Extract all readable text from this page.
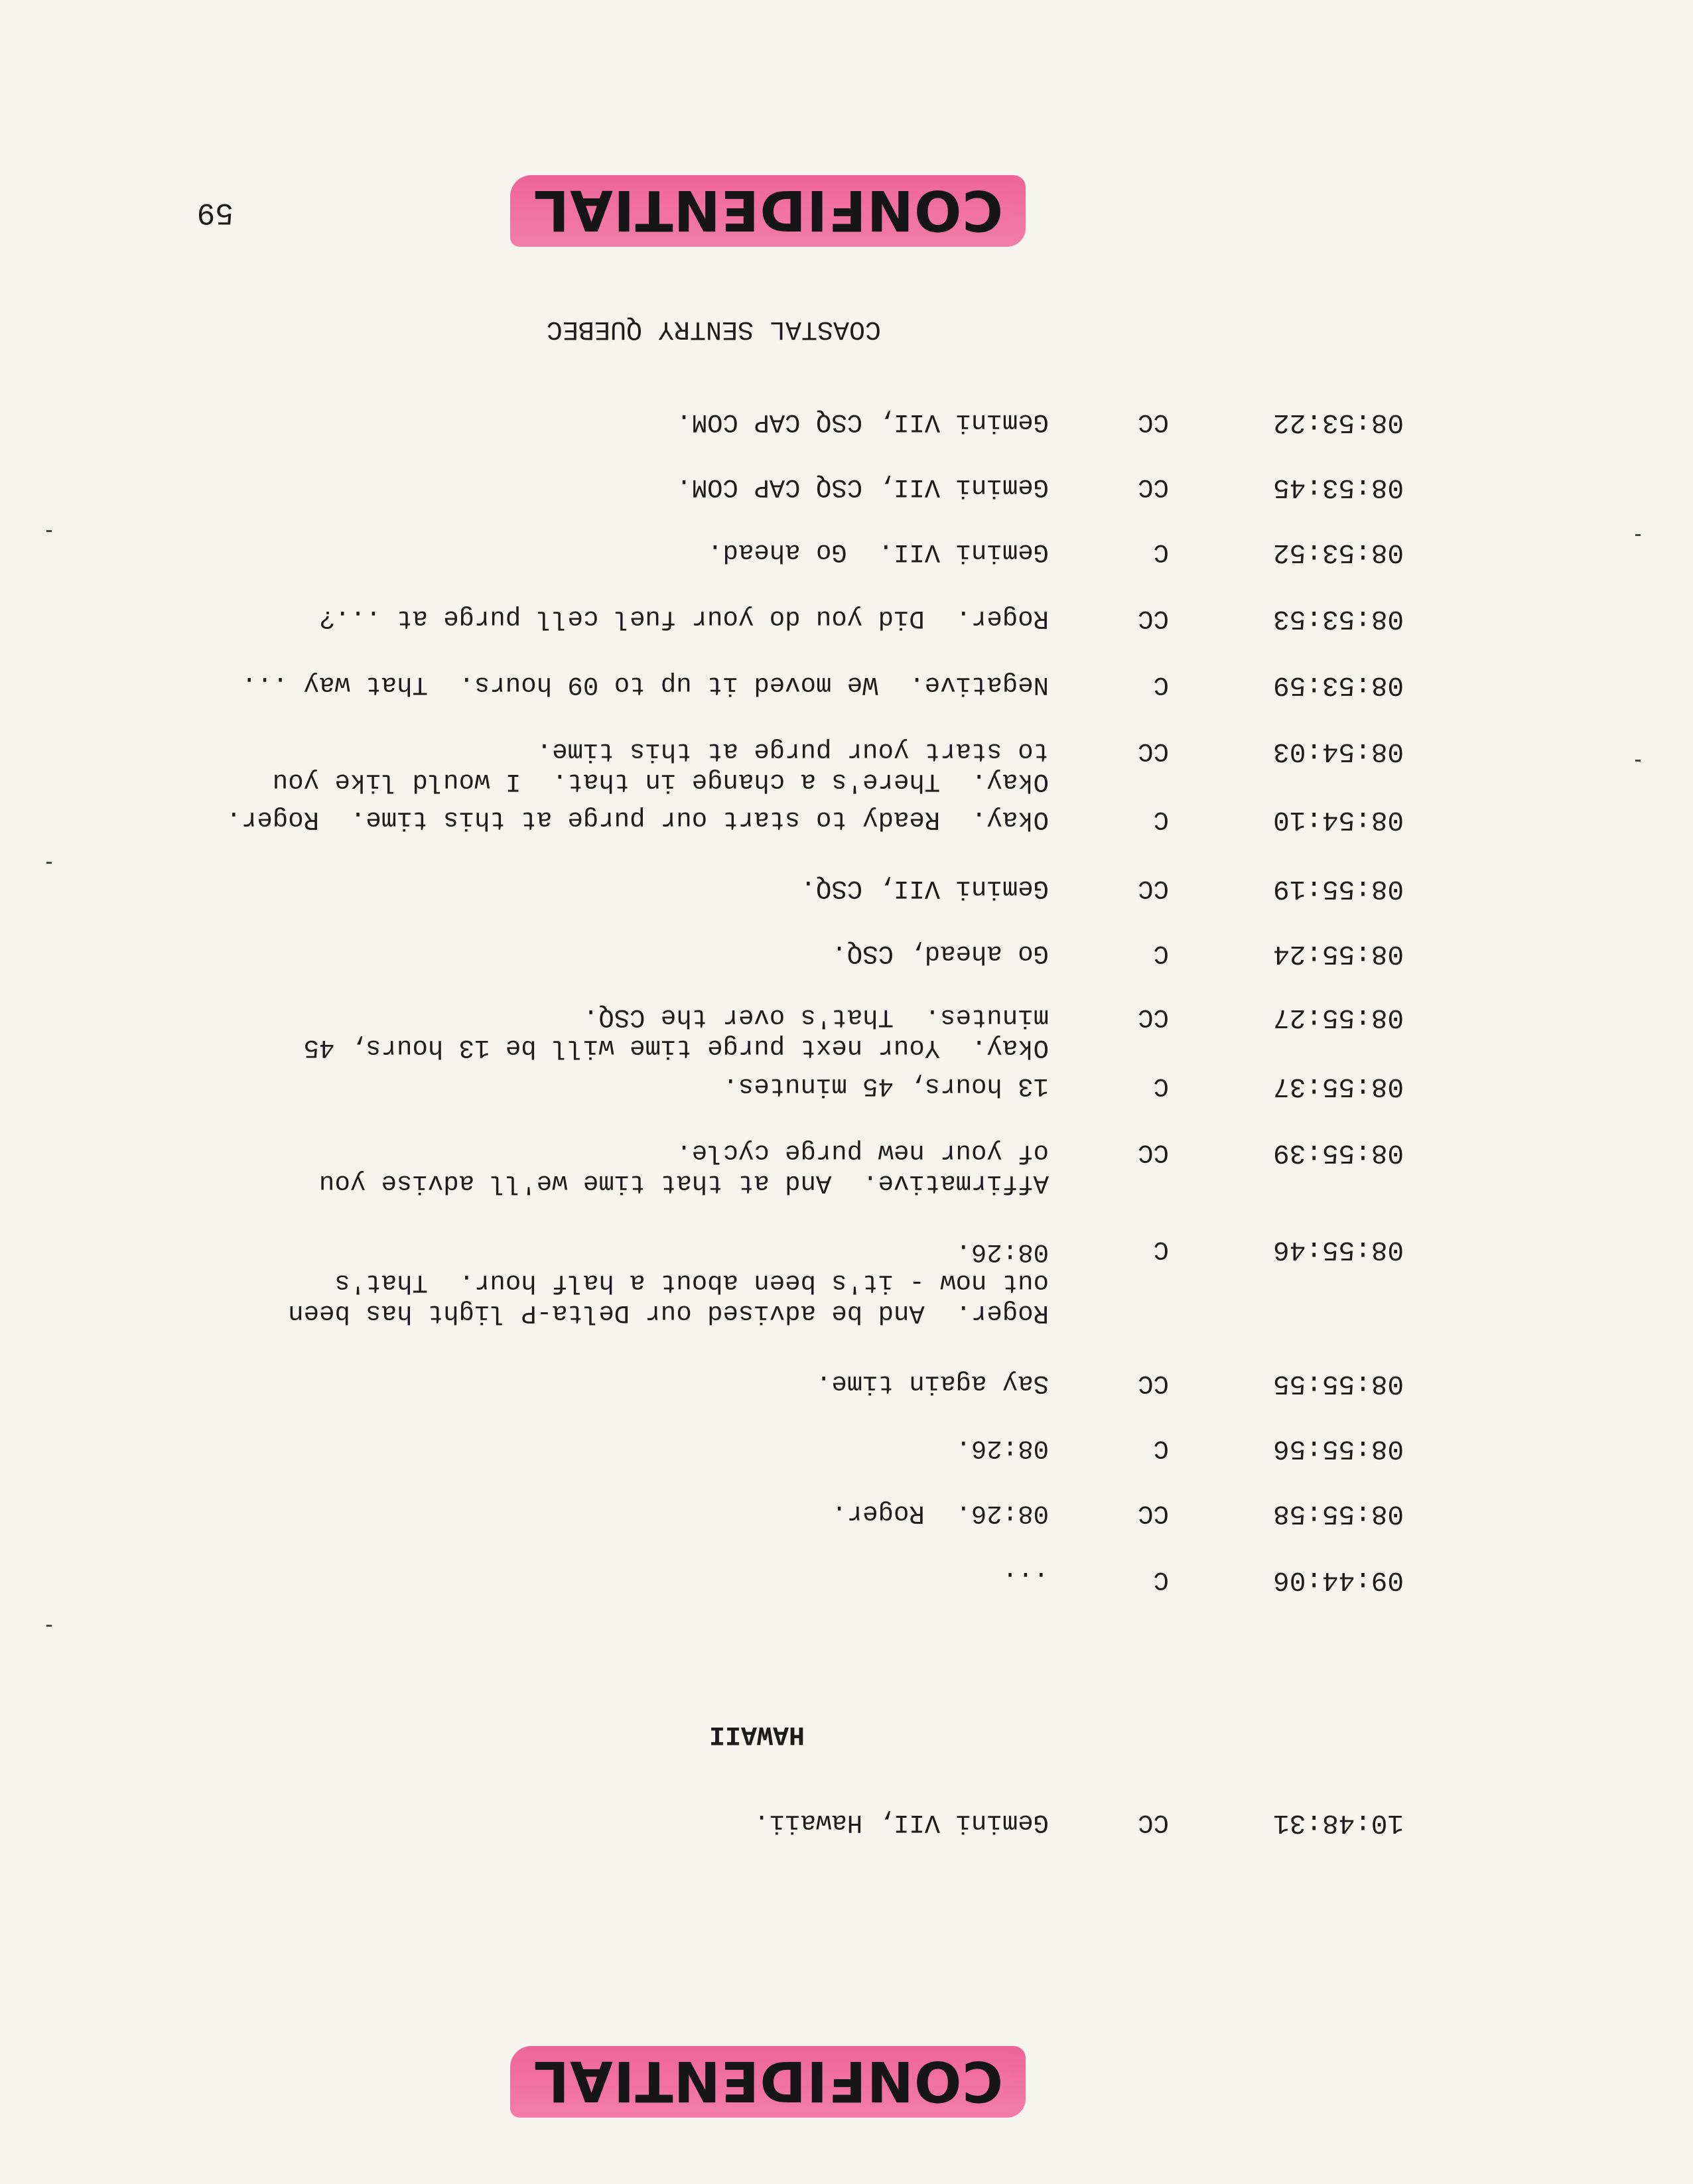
CONFIDENTIAL
59
COASTAL SENTRY QUEBEC
08:53:22
CC
Gemini VII, CSQ CAP COM.
08:53:45
CC
Gemini VII, CSQ CAP COM.
08:53:52
C
Gemini VII.  Go ahead.
08:53:53
CC
Roger.  Did you do your fuel cell purge at ...?
08:53:59
C
Negative.  We moved it up to 09 hours.  That way ...
08:54:03
CC
Okay.  There's a change in that.  I would like you
to start your purge at this time.
08:54:10
C
Okay.  Ready to start our purge at this time.  Roger.
08:55:19
CC
Gemini VII, CSQ.
08:55:24
C
Go ahead, CSQ.
08:55:27
CC
Okay.  Your next purge time will be 13 hours, 45
minutes.  That's over the CSQ.
08:55:37
C
13 hours, 45 minutes.
08:55:39
CC
Affirmative.  And at that time we'll advise you
of your new purge cycle.
08:55:46
C
Roger.  And be advised our Delta-P light has been
out now - it's been about a half hour.  That's
08:26.
08:55:55
CC
Say again time.
08:55:56
C
08:26.
08:55:58
CC
08:26.  Roger.
09:44:06
C
...
HAWAII
10:48:31
CC
Gemini VII, Hawaii.
CONFIDENTIAL
